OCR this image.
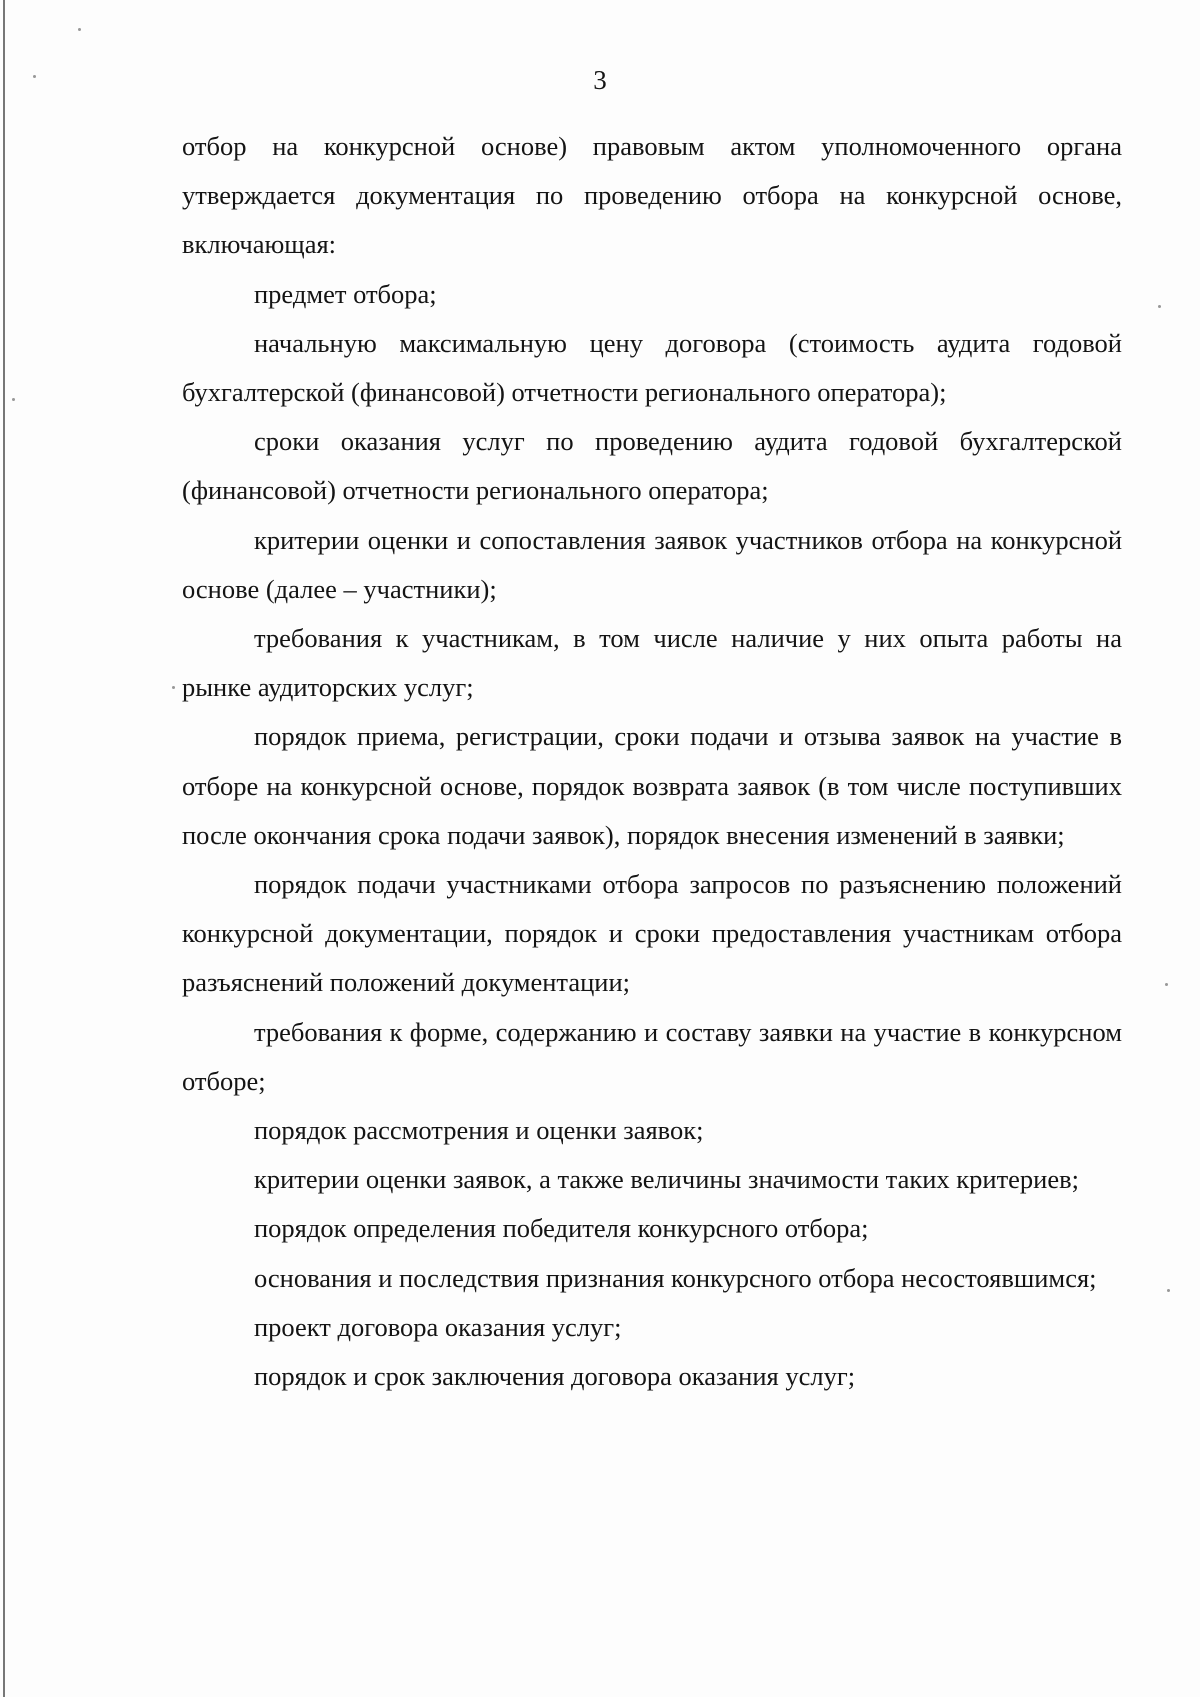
3

отбор на конкурсной основе) правовым актом уполномоченного органа утверждается документация по проведению отбора на конкурсной основе, включающая:

предмет отбора;

начальную максимальную цену договора (стоимость аудита годовой бухгалтерской (финансовой) отчетности регионального оператора);

сроки оказания услуг по проведению аудита годовой бухгалтерской (финансовой) отчетности регионального оператора;

критерии оценки и сопоставления заявок участников отбора на конкурсной основе (далее – участники);

требования к участникам, в том числе наличие у них опыта работы на рынке аудиторских услуг;

порядок приема, регистрации, сроки подачи и отзыва заявок на участие в отборе на конкурсной основе, порядок возврата заявок (в том числе поступивших после окончания срока подачи заявок), порядок внесения изменений в заявки;

порядок подачи участниками отбора запросов по разъяснению положений конкурсной документации, порядок и сроки предоставления участникам отбора разъяснений положений документации;

требования к форме, содержанию и составу заявки на участие в конкурсном отборе;

порядок рассмотрения и оценки заявок;

критерии оценки заявок, а также величины значимости таких критериев;

порядок определения победителя конкурсного отбора;

основания и последствия признания конкурсного отбора несостоявшимся;

проект договора оказания услуг;

порядок и срок заключения договора оказания услуг;
